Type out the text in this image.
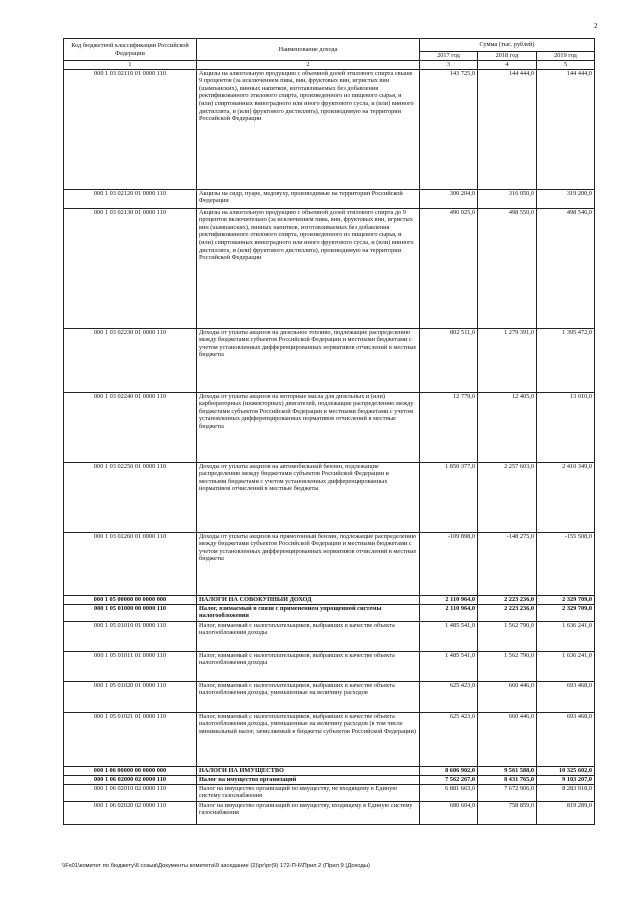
2
Код бюджетной классификации Российской Федерации	Наименование дохода	Сумма (тыс. рублей)		
		2017 год	2018 год	2019 год
1	2	3	4	5
000 1 03 02110 01 0000 110	Акцизы на алкогольную продукцию с объемной долей этилового спирта свыше 9 процентов (за исключением пива, вин, фруктовых вин, игристых вин (шампанских), винных напитков, изготавливаемых без добавления ректификованного этилового спирта, произведенного из пищевого сырья, и (или) спиртованных виноградного или иного фруктового сусла, и (или) винного дистиллята, и (или) фруктового дистиллята), производимую на территории Российской Федерации	143 725,0	144 444,0	144 444,0
000 1 03 02120 01 0000 110	Акцизы на сидр, пуаре, медовуху, производимые на территории Российской Федерации	300 204,0	316 050,0	319 200,0
000 1 03 02130 01 0000 110	Акцизы на алкогольную продукцию с объемной долей этилового спирта до 9 процентов включительно (за исключением пива, вин, фруктовых вин, игристых вин (шампанских), винных напитков, изготавливаемых без добавления ректификованного этилового спирта, произведенного из пищевого сырья, и (или) спиртованных виноградного или иного фруктового сусла, и (или) винного дистиллята, и (или) фруктового дистиллята), производимую на территории Российской Федерации	496 025,0	498 550,0	498 546,0
000 1 03 02230 01 0000 110	Доходы от уплаты акцизов на дизельное топливо, подлежащие распределению между бюджетами субъектов Российской Федерации и местными бюджетами с учетом установленных дифференцированных нормативов отчислений в местные бюджеты	802 511,0	1 279 391,0	1 395 472,0
000 1 03 02240 01 0000 110	Доходы от уплаты акцизов на моторные масла для дизельных и (или) карбюраторных (инжекторных) двигателей, подлежащие распределению между бюджетами субъектов Российской Федерации и местными бюджетами с учетом установленных дифференцированных нормативов отчислений в местные бюджеты	12 779,0	12 405,0	13 010,0
000 1 03 02250 01 0000 110	Доходы от уплаты акцизов на автомобильный бензин, подлежащие распределению между бюджетами субъектов Российской Федерации и местными бюджетами с учетом установленных дифференцированных нормативов отчислений в местные бюджеты	1 850 377,0	2 257 603,0	2 410 349,0
000 1 03 02260 01 0000 110	Доходы от уплаты акцизов на прямогонный бензин, подлежащие распределению между бюджетами субъектов Российской Федерации и местными бюджетами с учетом установленных дифференцированных нормативов отчислений в местные бюджеты	-109 898,0	-148 275,0	-155 508,0
000 1 05 00000 00 0000 000	НАЛОГИ НА СОВОКУПНЫЙ ДОХОД	2 110 964,0	2 223 236,0	2 329 709,0
000 1 05 01000 00 0000 110	Налог, взимаемый в связи с применением упрощенной системы налогообложения	2 110 964,0	2 223 236,0	2 329 709,0
000 1 05 01010 01 0000 110	Налог, взимаемый с налогоплательщиков, выбравших в качестве объекта налогообложения доходы	1 485 541,0	1 562 790,0	1 636 241,0
000 1 05 01011 01 0000 110	Налог, взимаемый с налогоплательщиков, выбравших в качестве объекта налогообложения доходы	1 485 541,0	1 562 790,0	1 636 241,0
000 1 05 01020 01 0000 110	Налог, взимаемый с налогоплательщиков, выбравших в качестве объекта налогообложения доходы, уменьшенные на величину расходов	625 423,0	660 446,0	693 468,0
000 1 05 01021 01 0000 110	Налог, взимаемый с налогоплательщиков, выбравших в качестве объекта налогообложения доходы, уменьшенные на величину расходов (в том числе минимальный налог, зачисляемый в бюджеты субъектов Российской Федерации)	625 423,0	660 446,0	693 468,0
000 1 06 00000 00 0000 000	НАЛОГИ НА ИМУЩЕСТВО	8 606 902,0	9 561 588,0	10 325 602,0
000 1 06 02000 02 0000 110	Налог на имущество организаций	7 562 267,0	8 431 765,0	9 103 207,0
000 1 06 02010 02 0000 110	Налог на имущество организаций по имуществу, не входящему в Единую систему газоснабжения	6 881 663,0	7 672 906,0	8 283 918,0
000 1 06 02020 02 0000 110	Налог на имущество организаций по имуществу, входящему в Единую систему газоснабжения	680 604,0	758 859,0	819 289,0
\\Fs01\комитет по бюджету\6 созыв\Документы комитета\9 заседание (2)\рг\рг(9) 172-П-6\Прил 2 (Прил 9 (Доходы)
